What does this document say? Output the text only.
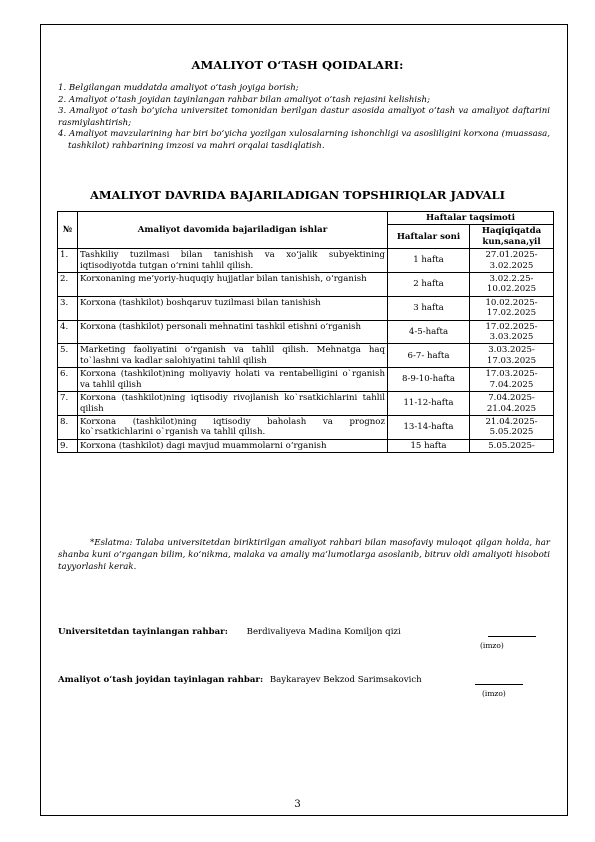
AMALIYOT O‘TASH QOIDALARI:

1. Belgilangan muddatda amaliyot o‘tash joyiga borish;

2. Amaliyot o‘tash joyidan tayinlangan rahbar bilan amaliyot o‘tash rejasini kelishish;

3. Amaliyot o‘tash bo‘yicha universitet tomonidan berilgan dastur asosida amaliyot o‘tash va amaliyot daftarini rasmiylashtirish;

4. Amaliyot mavzularining har biri bo‘yicha yozilgan xulosalarning ishonchligi va asosliligini korxona (muassasa, tashkilot) rahbarining imzosi va mahri orqalai tasdiqlatish.

AMALIYOT DAVRIDA BAJARILADIGAN TOPSHIRIQLAR JADVALI
№	Amaliyot davomida bajariladigan ishlar	Haftalar taqsimoti	
		Haftalar soni	Haqiqiqatda kun,sana,yil
1.	Tashkiliy tuzilmasi bilan tanishish va xo‘jalik subyektining iqtisodiyotda tutgan o‘rnini tahlil qilish.	1 hafta	27.01.2025-3.02.2025
2.	Korxonaning me’yoriy-huquqiy hujjatlar bilan tanishish, o‘rganish	2 hafta	3.02.2.25-10.02.2025
3.	Korxona (tashkilot) boshqaruv tuzilmasi bilan tanishish	3 hafta	10.02.2025-17.02.2025
4.	Korxona (tashkilot) personali mehnatini tashkil etishni o‘rganish	4-5-hafta	17.02.2025-3.03.2025
5.	Marketing faoliyatini o‘rganish va tahlil qilish. Mehnatga haq to`lashni va kadlar salohiyatini tahlil qilish	6-7- hafta	3.03.2025-17.03.2025
6.	Korxona (tashkilot)ning moliyaviy holati va rentabelligini o`rganish va tahlil qilish	8-9-10-hafta	17.03.2025-7.04.2025
7.	Korxona (tashkilot)ning iqtisodiy rivojlanish ko`rsatkichlarini tahlil qilish	11-12-hafta	7.04.2025-21.04.2025
8.	Korxona (tashkilot)ning iqtisodiy baholash va prognoz ko`rsatkichlarini o`rganish va tahlil qilish.	13-14-hafta	21.04.2025-5.05.2025
9.	Korxona (tashkilot) dagi mavjud muammolarni o‘rganish	15 hafta	5.05.2025-
*Eslatma: Talaba universitetdan biriktirilgan amaliyot rahbari bilan masofaviy muloqot qilgan holda, har shanba kuni o‘rgangan bilim, ko‘nikma, malaka va amaliy ma’lumotlarga asoslanib, bitruv oldi amaliyoti hisoboti tayyorlashi kerak.
Universitetdan tayinlangan rahbar: Berdivaliyeva Madina Komiljon qizi
(imzo)
Amaliyot o‘tash joyidan tayinlagan rahbar: Baykarayev Bekzod Sarimsakovich
(imzo)
3
